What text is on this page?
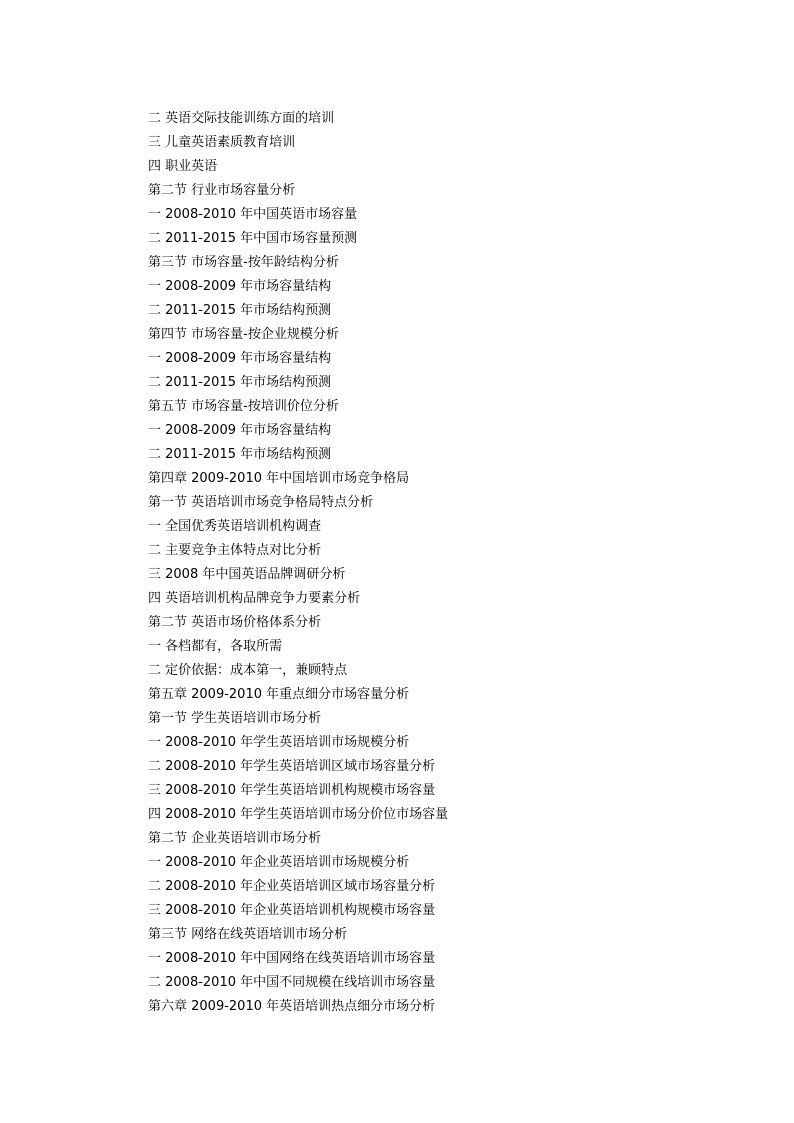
二 英语交际技能训练方面的培训
三 儿童英语素质教育培训
四 职业英语
第二节 行业市场容量分析
一 2008-2010 年中国英语市场容量
二 2011-2015 年中国市场容量预测
第三节 市场容量-按年龄结构分析
一 2008-2009 年市场容量结构
二 2011-2015 年市场结构预测
第四节 市场容量-按企业规模分析
一 2008-2009 年市场容量结构
二 2011-2015 年市场结构预测
第五节 市场容量-按培训价位分析
一 2008-2009 年市场容量结构
二 2011-2015 年市场结构预测
第四章 2009-2010 年中国培训市场竞争格局
第一节 英语培训市场竞争格局特点分析
一 全国优秀英语培训机构调查
二 主要竞争主体特点对比分析
三 2008 年中国英语品牌调研分析
四 英语培训机构品牌竞争力要素分析
第二节 英语市场价格体系分析
一 各档都有，各取所需
二 定价依据：成本第一，兼顾特点
第五章 2009-2010 年重点细分市场容量分析
第一节 学生英语培训市场分析
一 2008-2010 年学生英语培训市场规模分析
二 2008-2010 年学生英语培训区域市场容量分析
三 2008-2010 年学生英语培训机构规模市场容量
四 2008-2010 年学生英语培训市场分价位市场容量
第二节 企业英语培训市场分析
一 2008-2010 年企业英语培训市场规模分析
二 2008-2010 年企业英语培训区域市场容量分析
三 2008-2010 年企业英语培训机构规模市场容量
第三节 网络在线英语培训市场分析
一 2008-2010 年中国网络在线英语培训市场容量
二 2008-2010 年中国不同规模在线培训市场容量
第六章 2009-2010 年英语培训热点细分市场分析
